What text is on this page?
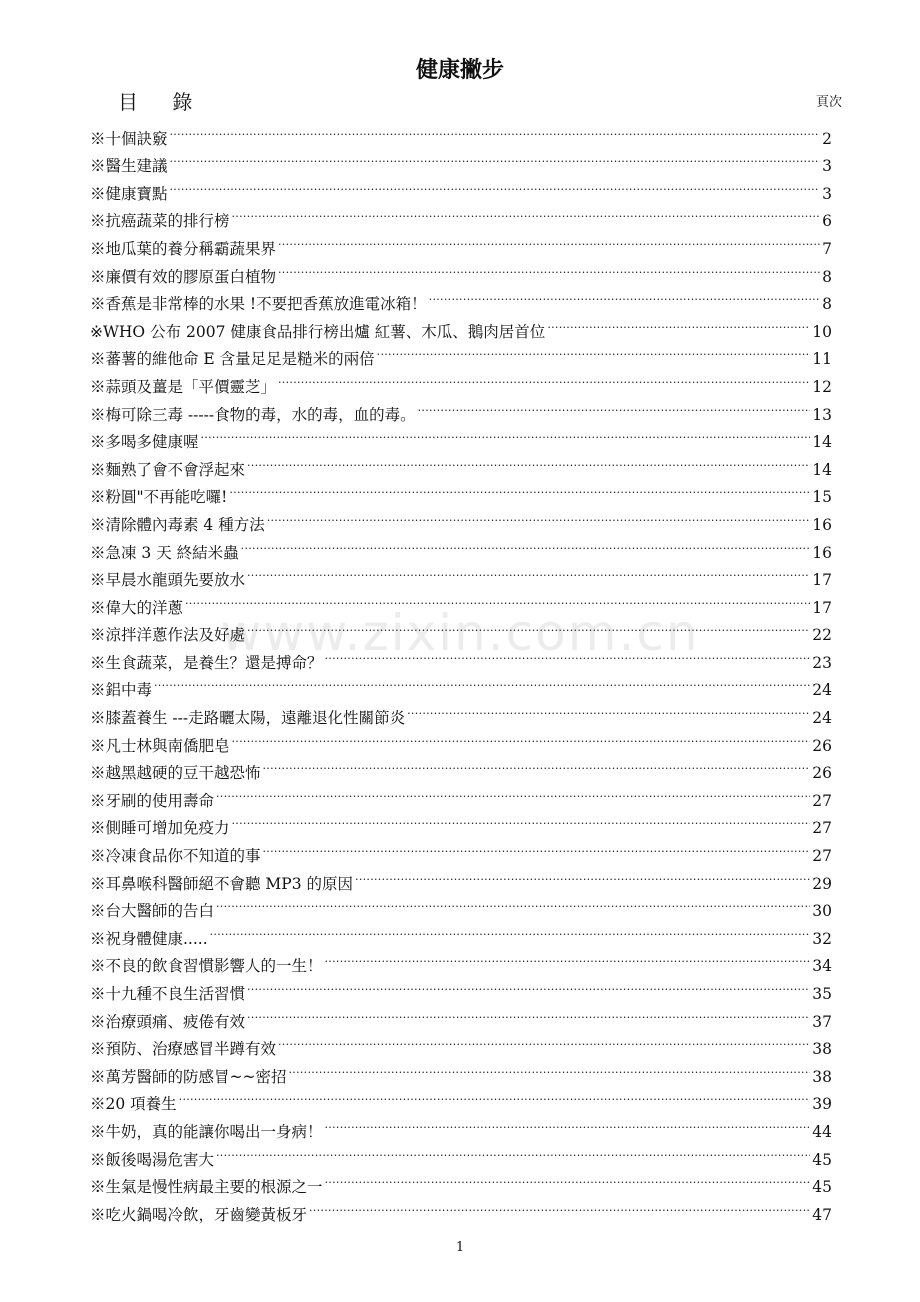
健康撇步
目 錄	頁次
www.zixin.com.cn
※十個訣竅 .....	2
※醫生建議 .....	3
※健康寶點 .....	3
※抗癌蔬菜的排行榜 .....	6
※地瓜葉的養分稱霸蔬果界 .....	7
※廉價有效的膠原蛋白植物 .....	8
※香蕉是非常棒的水果 !不要把香蕉放進電冰箱！ .....	8
※WHO 公布 2007 健康食品排行榜出爐 紅薯、木瓜、鵝肉居首位 .....	10
※蕃薯的維他命 E 含量足足是糙米的兩倍 .....	11
※蒜頭及薑是「平價靈芝」 .....	12
※梅可除三毒 -----食物的毒，水的毒，血的毒。 .....	13
※多喝多健康喔 .....	14
※麵熟了會不會浮起來 .....	14
※粉圓"不再能吃囉! .....	15
※清除體內毒素 4 種方法 .....	16
※急凍 3 天 終結米蟲 .....	16
※早晨水龍頭先要放水 .....	17
※偉大的洋蔥 .....	17
※涼拌洋蔥作法及好處 .....	22
※生食蔬菜，是養生？還是搏命？ .....	23
※鋁中毒 .....	24
※膝蓋養生 ---走路曬太陽，遠離退化性關節炎 .....	24
※凡士林與南僑肥皂 .....	26
※越黑越硬的豆干越恐怖 .....	26
※牙刷的使用壽命 .....	27
※側睡可增加免疫力 .....	27
※冷凍食品你不知道的事 .....	27
※耳鼻喉科醫師絕不會聽 MP3 的原因 .....	29
※台大醫師的告白 .....	30
※祝身體健康..... .....	32
※不良的飲食習慣影響人的一生！ .....	34
※十九種不良生活習慣 .....	35
※治療頭痛、疲倦有效 .....	37
※預防、治療感冒半蹲有效 .....	38
※萬芳醫師的防感冒~~密招 .....	38
※20 項養生 .....	39
※牛奶，真的能讓你喝出一身病！ .....	44
※飯後喝湯危害大 .....	45
※生氣是慢性病最主要的根源之一 .....	45
※吃火鍋喝冷飲，牙齒變黃板牙 .....	47
1
